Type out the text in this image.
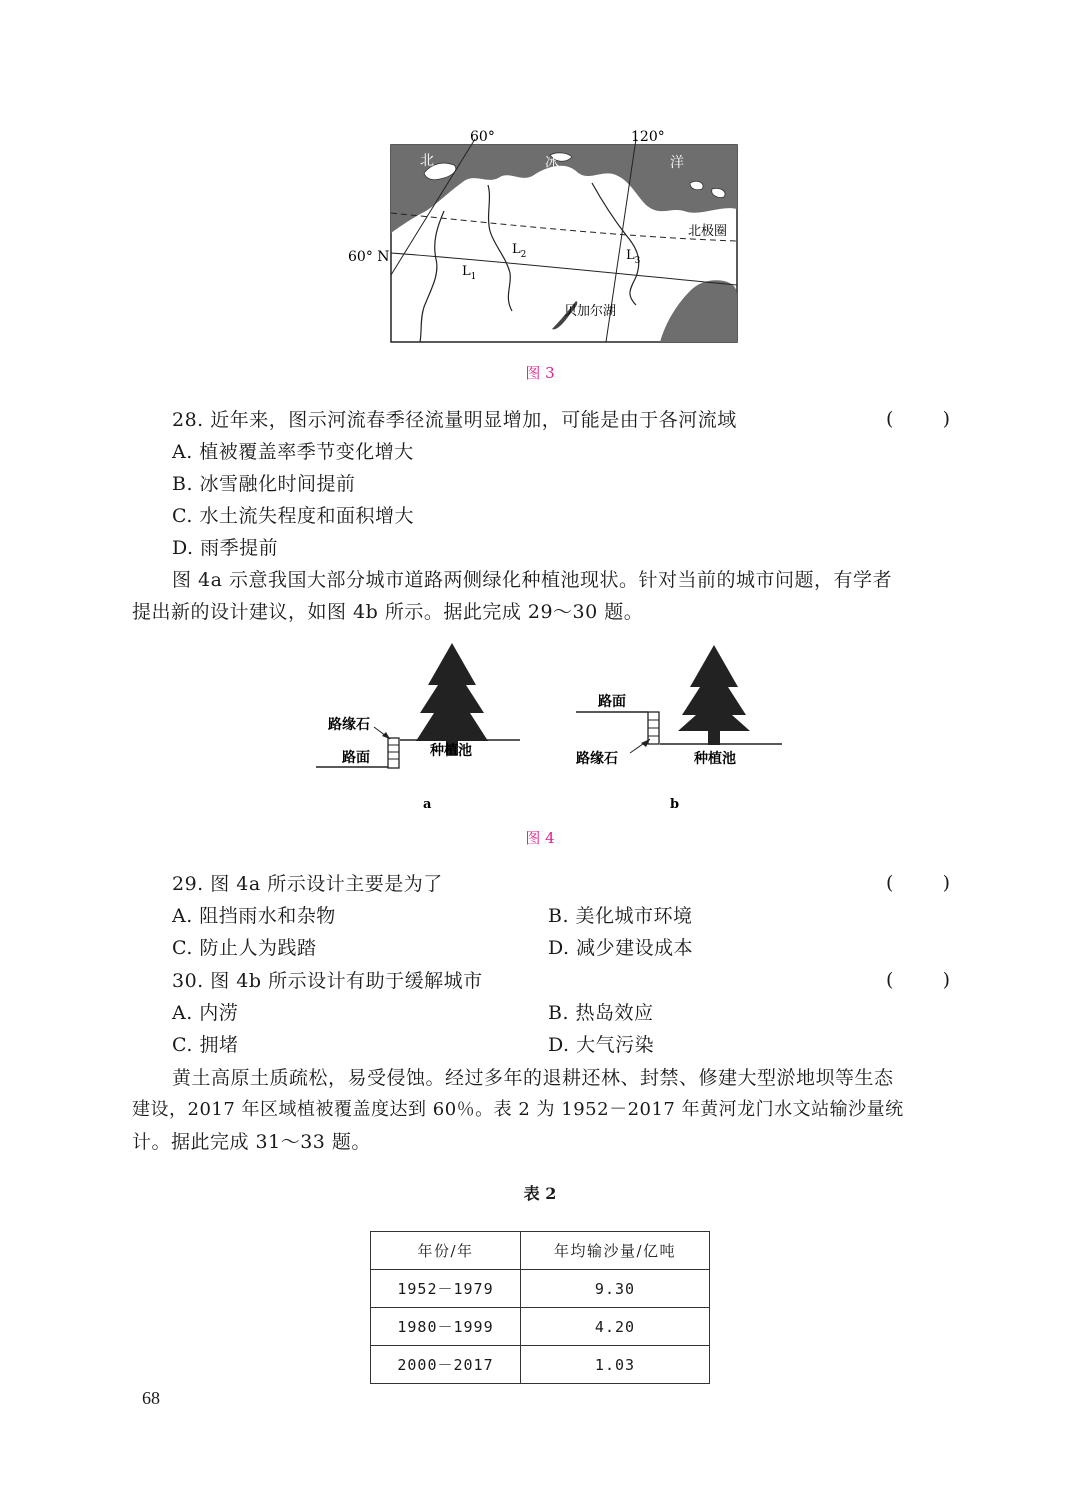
60°	120°
60° N
北	冰	洋
北极圈
$L_1$
$L_2$	$L_3$
贝加尔湖
图 3
28. 近年来，图示河流春季径流量明显增加，可能是由于各河流域	(	)
A. 植被覆盖率季节变化增大
B. 冰雪融化时间提前
C. 水土流失程度和面积增大
D. 雨季提前
图 4a 示意我国大部分城市道路两侧绿化种植池现状。针对当前的城市问题，有学者
提出新的设计建议，如图 4b 所示。据此完成 29～30 题。
路缘石
路面	种植池
a
路面
路缘石	种植池
b
图 4
29. 图 4a 所示设计主要是为了	(	)
A. 阻挡雨水和杂物	B. 美化城市环境
C. 防止人为践踏	D. 减少建设成本
30. 图 4b 所示设计有助于缓解城市	(	)
A. 内涝	B. 热岛效应
C. 拥堵	D. 大气污染
黄土高原土质疏松，易受侵蚀。经过多年的退耕还林、封禁、修建大型淤地坝等生态
建设，2017 年区域植被覆盖度达到 60％。表 2 为 1952－2017 年黄河龙门水文站输沙量统
计。据此完成 31～33 题。
表 2
年份/年	年均输沙量/亿吨
1952－1979	9.30
1980－1999	4.20
2000－2017	1.03
68
